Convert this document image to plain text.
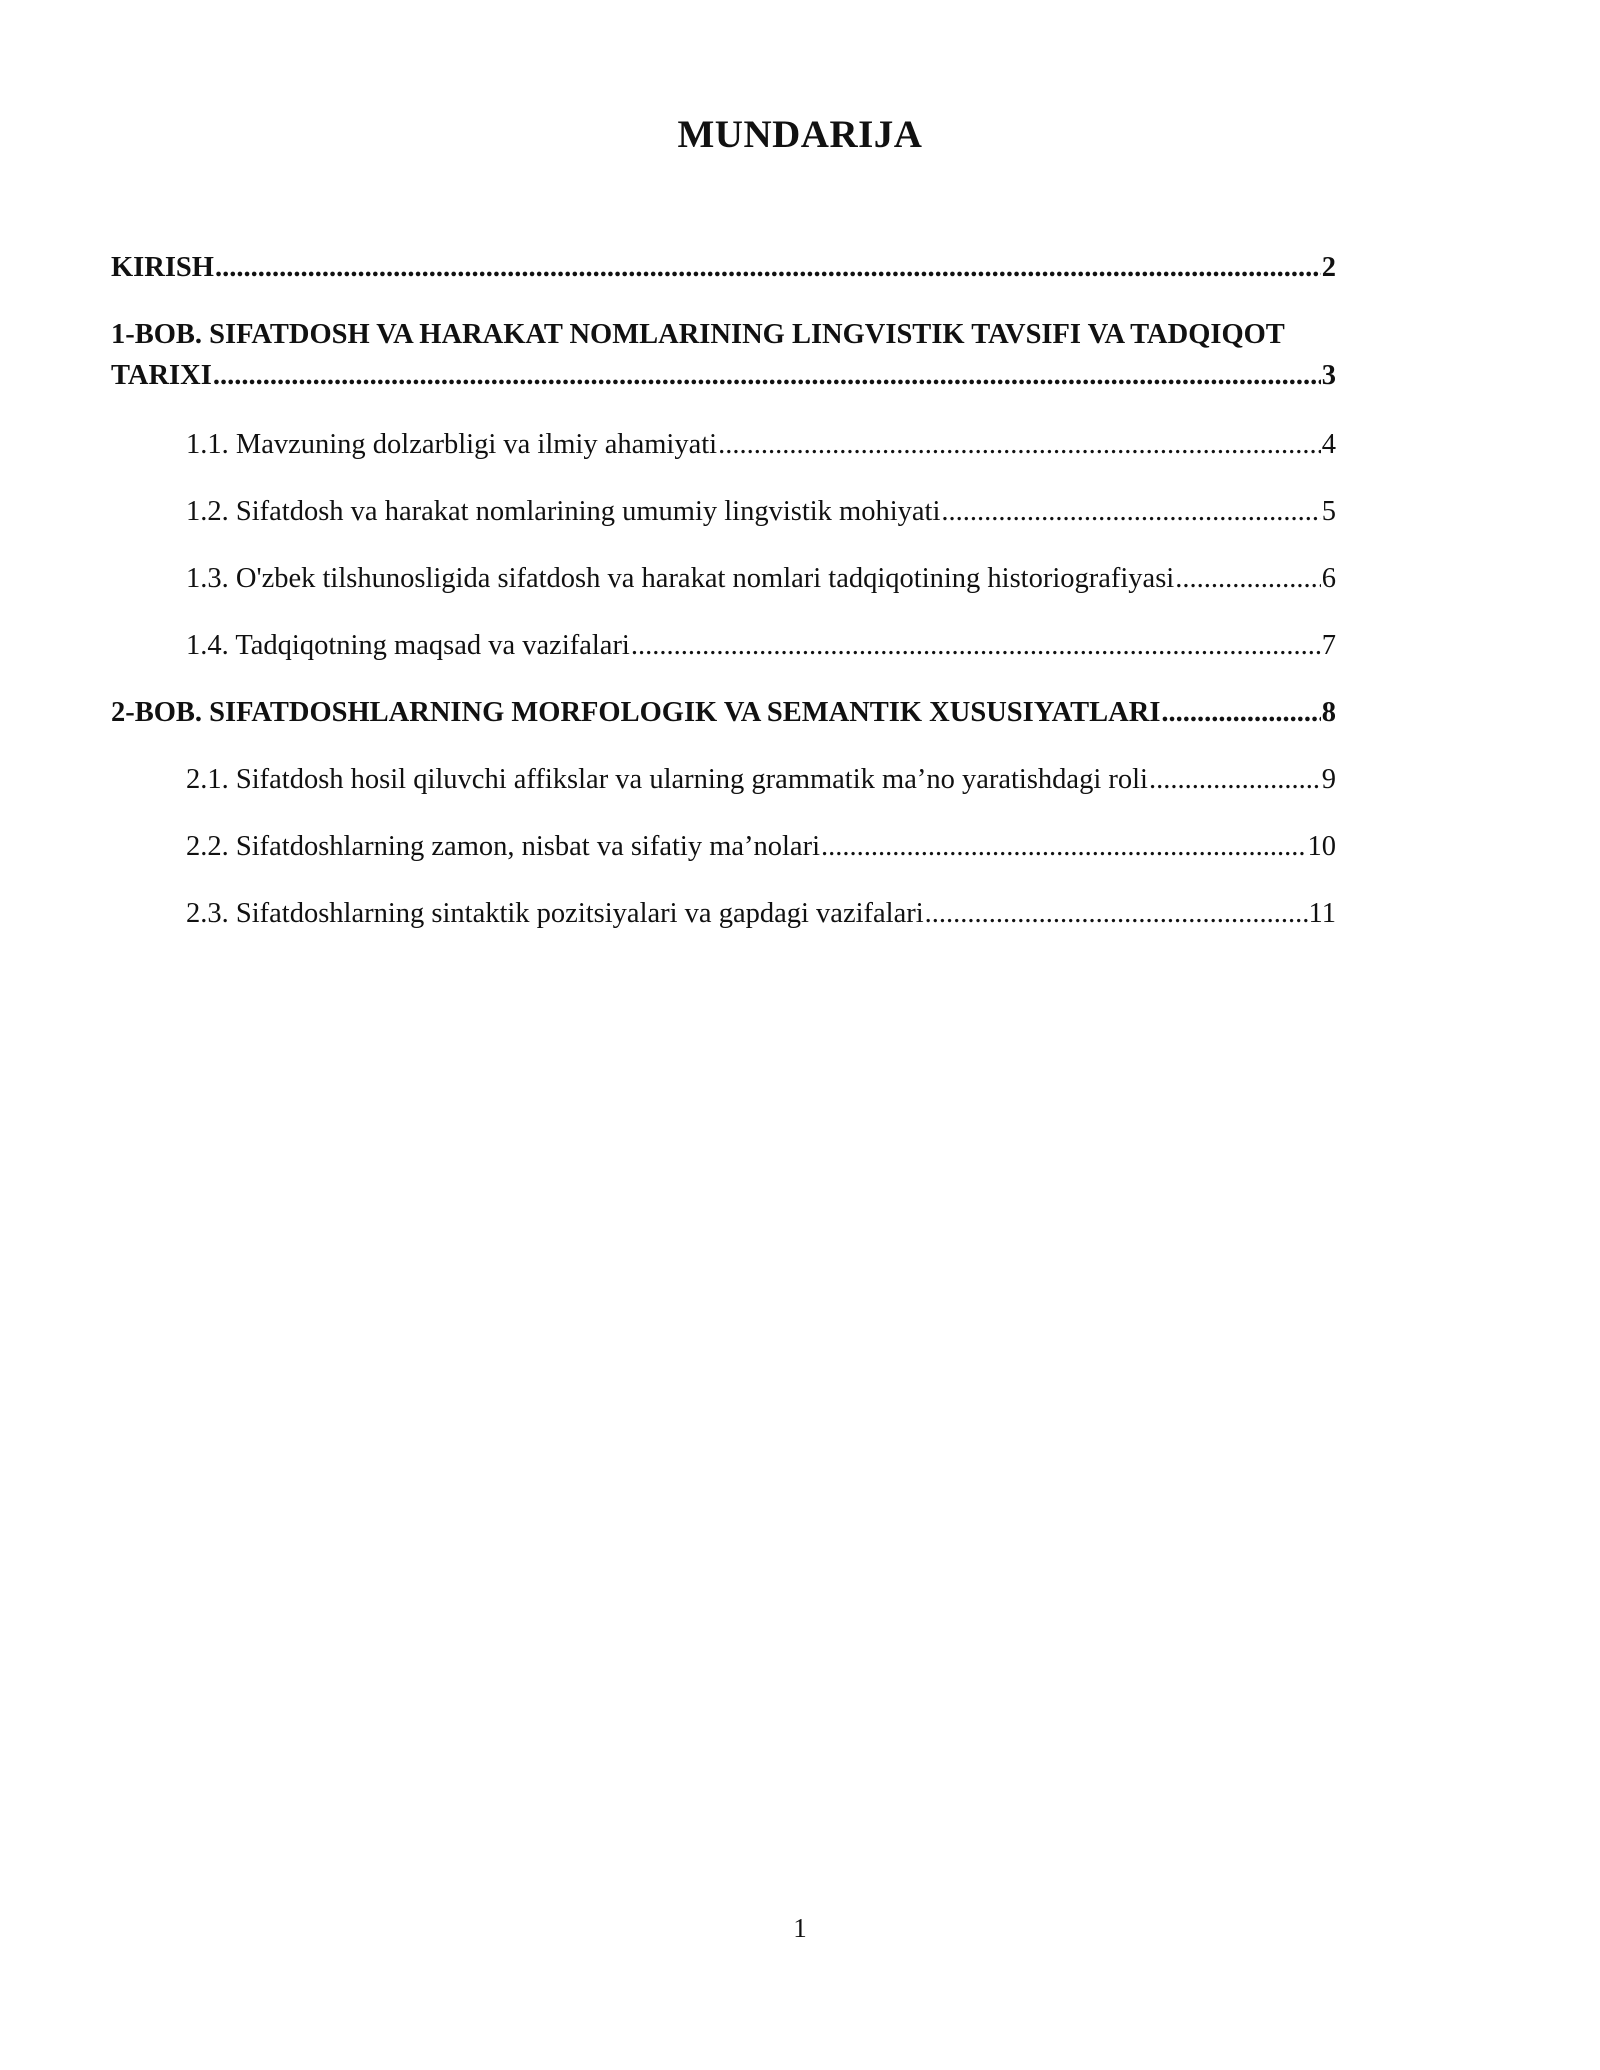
MUNDARIJA
KIRISH .....	2
1-BOB. SIFATDOSH VA HARAKAT NOMLARINING LINGVISTIK TAVSIFI VA TADQIQOT
TARIXI .....	3
1.1. Mavzuning dolzarbligi va ilmiy ahamiyati .....	4
1.2. Sifatdosh va harakat nomlarining umumiy lingvistik mohiyati .....	5
1.3. O'zbek tilshunosligida sifatdosh va harakat nomlari tadqiqotining historiografiyasi .....	6
1.4. Tadqiqotning maqsad va vazifalari .....	7
2-BOB. SIFATDOSHLARNING MORFOLOGIK VA SEMANTIK XUSUSIYATLARI .....	8
2.1. Sifatdosh hosil qiluvchi affikslar va ularning grammatik ma’no yaratishdagi roli .....	9
2.2. Sifatdoshlarning zamon, nisbat va sifatiy ma’nolari .....	10
2.3. Sifatdoshlarning sintaktik pozitsiyalari va gapdagi vazifalari .....	11
1
